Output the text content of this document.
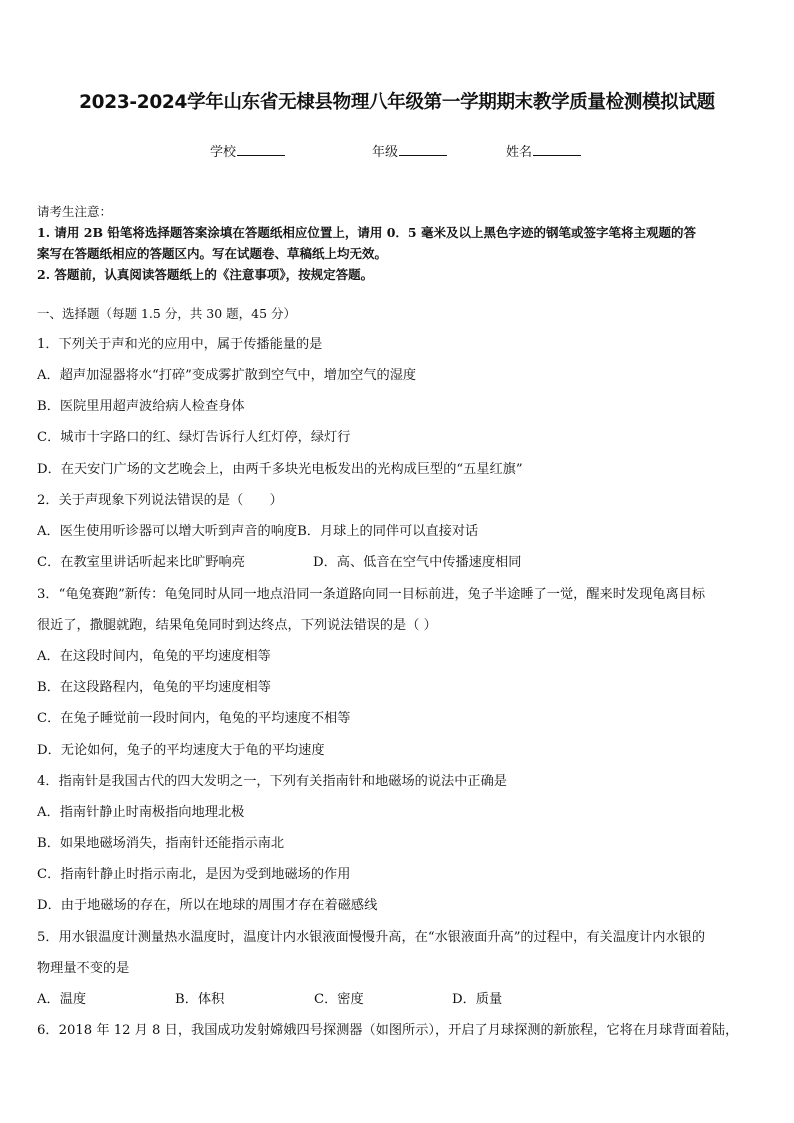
2023-2024学年山东省无棣县物理八年级第一学期期末教学质量检测模拟试题
学校	年级	姓名
请考生注意：
1. 请用 2B 铅笔将选择题答案涂填在答题纸相应位置上，请用 0．5 毫米及以上黑色字迹的钢笔或签字笔将主观题的答
案写在答题纸相应的答题区内。写在试题卷、草稿纸上均无效。
2. 答题前，认真阅读答题纸上的《注意事项》，按规定答题。
一、选择题（每题 1.5 分，共 30 题，45 分）
1．下列关于声和光的应用中，属于传播能量的是
A．超声加湿器将水“打碎”变成雾扩散到空气中，增加空气的湿度
B．医院里用超声波给病人检查身体
C．城市十字路口的红、绿灯告诉行人红灯停，绿灯行
D．在天安门广场的文艺晚会上，由两千多块光电板发出的光构成巨型的“五星红旗”
2．关于声现象下列说法错误的是（　　）
A．医生使用听诊器可以增大听到声音的响度B．月球上的同伴可以直接对话
C．在教室里讲话听起来比旷野响亮	D．高、低音在空气中传播速度相同
3．“龟兔赛跑”新传：龟兔同时从同一地点沿同一条道路向同一目标前进，兔子半途睡了一觉，醒来时发现龟离目标
很近了，撒腿就跑，结果龟兔同时到达终点，下列说法错误的是（ ）
A．在这段时间内，龟兔的平均速度相等
B．在这段路程内，龟兔的平均速度相等
C．在兔子睡觉前一段时间内，龟兔的平均速度不相等
D．无论如何，兔子的平均速度大于龟的平均速度
4．指南针是我国古代的四大发明之一，下列有关指南针和地磁场的说法中正确是
A．指南针静止时南极指向地理北极
B．如果地磁场消失，指南针还能指示南北
C．指南针静止时指示南北，是因为受到地磁场的作用
D．由于地磁场的存在，所以在地球的周围才存在着磁感线
5．用水银温度计测量热水温度时，温度计内水银液面慢慢升高，在“水银液面升高”的过程中，有关温度计内水银的
物理量不变的是
A．温度	B．体积	C．密度	D．质量
6．2018 年 12 月 8 日，我国成功发射嫦娥四号探测器（如图所示），开启了月球探测的新旅程，它将在月球背面着陆，
